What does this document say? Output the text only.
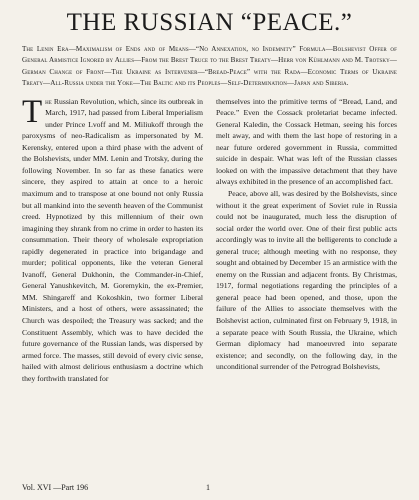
THE RUSSIAN “PEACE.”

The Lenin Era—Maximalism of Ends and of Means—“No Annexation, no Indemnity” Formula—Bolshevist Offer of General Armistice Ignored by Allies—From the Brest Truce to the Brest Treaty—Herr von Kühlmann and M. Trotsky—German Change of Front—The Ukraine as Intervener—“Bread-Peace” with the Rada—Economic Terms of Ukraine Treaty—All-Russia under the Yoke—The Baltic and its Peoples—Self-Determination—Japan and Siberia.

The Russian Revolution, which, since its outbreak in March, 1917, had passed from Liberal Imperialism under Prince Lvoff and M. Miliukoff through the paroxysms of neo-Radicalism as impersonated by M. Kerensky, entered upon a third phase with the advent of the Bolshevists, under MM. Lenin and Trotsky, during the following November. In so far as these fanatics were sincere, they aspired to attain at once to a heroic maximum and to transpose at one bound not only Russia but all mankind into the seventh heaven of the Communist creed. Hypnotized by this millennium of their own imagining they shrank from no crime in order to hasten its consummation. Their theory of wholesale expropriation rapidly degenerated in practice into brigandage and murder; political opponents, like the veteran General Ivanoff, General Dukhonin, the Commander-in-Chief, General Yanushkevitch, M. Goremykin, the ex-Premier, MM. Shingareff and Kokoshkin, two former Liberal Ministers, and a host of others, were assassinated; the Church was despoiled; the Treasury was sacked; and the Constituent Assembly, which was to have decided the future governance of the Russian lands, was dispersed by armed force. The masses, still devoid of every civic sense, hailed with almost delirious enthusiasm a doctrine which they forthwith translated for

themselves into the primitive terms of “Bread, Land, and Peace.” Even the Cossack proletariat became infected. General Kaledin, the Cossack Hetman, seeing his forces melt away, and with them the last hope of restoring in a near future ordered government in Russia, committed suicide in despair. What was left of the Russian classes looked on with the impassive detachment that they have always exhibited in the presence of an accomplished fact.

Peace, above all, was desired by the Bolshevists, since without it the great experiment of Soviet rule in Russia could not be inaugurated, much less the disruption of social order the world over. One of their first public acts accordingly was to invite all the belligerents to conclude a general truce; although meeting with no response, they sought and obtained by December 15 an armistice with the enemy on the Russian and adjacent fronts. By Christmas, 1917, formal negotiations regarding the principles of a general peace had been opened, and those, upon the failure of the Allies to associate themselves with the Bolshevist action, culminated first on February 9, 1918, in a separate peace with South Russia, the Ukraine, which German diplomacy had manoeuvred into separate existence; and secondly, on the following day, in the unconditional surrender of the Petrograd Bolshevists,

Vol. XVI —Part 196	1
